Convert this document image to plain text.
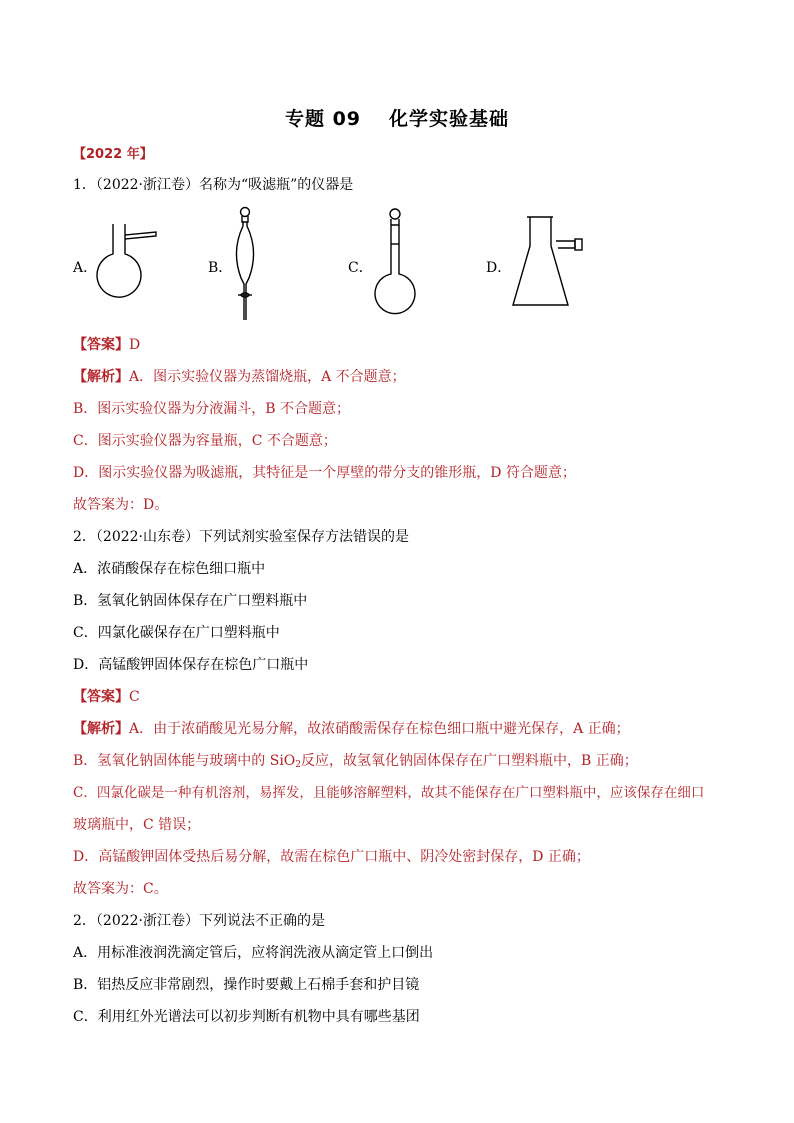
专题 09 化学实验基础
【2022 年】
1．（2022·浙江卷）名称为“吸滤瓶”的仪器是
A．	B．	C．	D．
【答案】D
【解析】A．图示实验仪器为蒸馏烧瓶，A 不合题意；
B．图示实验仪器为分液漏斗，B 不合题意；
C．图示实验仪器为容量瓶，C 不合题意；
D．图示实验仪器为吸滤瓶，其特征是一个厚壁的带分支的锥形瓶，D 符合题意；
故答案为：D。
2．（2022·山东卷）下列试剂实验室保存方法错误的是
A．浓硝酸保存在棕色细口瓶中
B．氢氧化钠固体保存在广口塑料瓶中
C．四氯化碳保存在广口塑料瓶中
D．高锰酸钾固体保存在棕色广口瓶中
【答案】C
【解析】A．由于浓硝酸见光易分解，故浓硝酸需保存在棕色细口瓶中避光保存，A 正确；
B．氢氧化钠固体能与玻璃中的 SiO$_2$反应，故氢氧化钠固体保存在广口塑料瓶中，B 正确；
C．四氯化碳是一种有机溶剂，易挥发，且能够溶解塑料，故其不能保存在广口塑料瓶中，应该保存在细口
玻璃瓶中，C 错误；
D．高锰酸钾固体受热后易分解，故需在棕色广口瓶中、阴冷处密封保存，D 正确；
故答案为：C。
2．（2022·浙江卷）下列说法不正确的是
A．用标准液润洗滴定管后，应将润洗液从滴定管上口倒出
B．铝热反应非常剧烈，操作时要戴上石棉手套和护目镜
C．利用红外光谱法可以初步判断有机物中具有哪些基团
